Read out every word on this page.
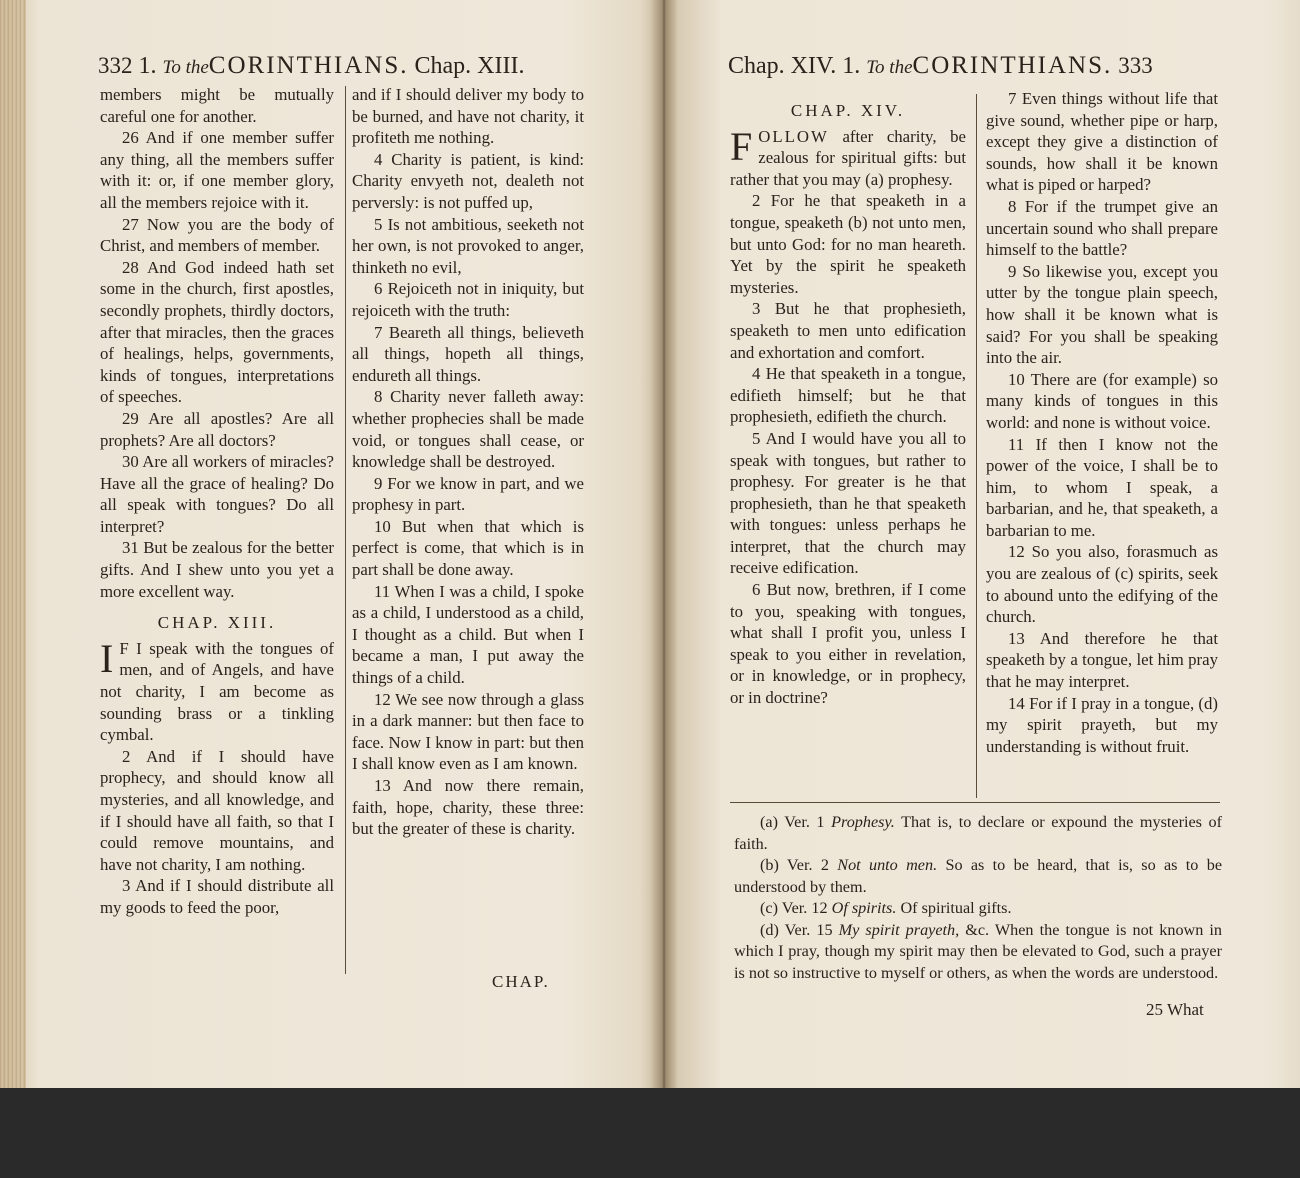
332 1. To theCORINTHIANS. Chap. XIII.

members might be mutually careful one for another.

26 And if one member suffer any thing, all the members suffer with it: or, if one member glory, all the members rejoice with it.

27 Now you are the body of Christ, and members of member.

28 And God indeed hath set some in the church, first apostles, secondly prophets, thirdly doctors, after that miracles, then the graces of healings, helps, governments, kinds of tongues, interpretations of speeches.

29 Are all apostles? Are all prophets? Are all doctors?

30 Are all workers of miracles? Have all the grace of healing? Do all speak with tongues? Do all interpret?

31 But be zealous for the better gifts. And I shew unto you yet a more excellent way.

CHAP. XIII.

I F I speak with the tongues of men, and of Angels, and have not charity, I am become as sounding brass or a tinkling cymbal.

2 And if I should have prophecy, and should know all mysteries, and all knowledge, and if I should have all faith, so that I could remove mountains, and have not charity, I am nothing.

3 And if I should distribute all my goods to feed the poor,

and if I should deliver my body to be burned, and have not charity, it profiteth me nothing.

4 Charity is patient, is kind: Charity envyeth not, dealeth not perversly: is not puffed up,

5 Is not ambitious, seeketh not her own, is not provoked to anger, thinketh no evil,

6 Rejoiceth not in iniquity, but rejoiceth with the truth:

7 Beareth all things, believeth all things, hopeth all things, endureth all things.

8 Charity never falleth away: whether prophecies shall be made void, or tongues shall cease, or knowledge shall be destroyed.

9 For we know in part, and we prophesy in part.

10 But when that which is perfect is come, that which is in part shall be done away.

11 When I was a child, I spoke as a child, I understood as a child, I thought as a child. But when I became a man, I put away the things of a child.

12 We see now through a glass in a dark manner: but then face to face. Now I know in part: but then I shall know even as I am known.

13 And now there remain, faith, hope, charity, these three: but the greater of these is charity.

CHAP.
Chap. XIV. 1. To theCORINTHIANS. 333
CHAP. XIV.

FOLLOW after charity, be zealous for spiritual gifts: but rather that you may (a) prophesy.

2 For he that speaketh in a tongue, speaketh (b) not unto men, but unto God: for no man heareth. Yet by the spirit he speaketh mysteries.

3 But he that prophesieth, speaketh to men unto edification and exhortation and comfort.

4 He that speaketh in a tongue, edifieth himself; but he that prophesieth, edifieth the church.

5 And I would have you all to speak with tongues, but rather to prophesy. For greater is he that prophesieth, than he that speaketh with tongues: unless perhaps he interpret, that the church may receive edification.

6 But now, brethren, if I come to you, speaking with tongues, what shall I profit you, unless I speak to you either in revelation, or in knowledge, or in prophecy, or in doctrine?

7 Even things without life that give sound, whether pipe or harp, except they give a distinction of sounds, how shall it be known what is piped or harped?

8 For if the trumpet give an uncertain sound who shall prepare himself to the battle?

9 So likewise you, except you utter by the tongue plain speech, how shall it be known what is said? For you shall be speaking into the air.

10 There are (for example) so many kinds of tongues in this world: and none is without voice.

11 If then I know not the power of the voice, I shall be to him, to whom I speak, a barbarian, and he, that speaketh, a barbarian to me.

12 So you also, forasmuch as you are zealous of (c) spirits, seek to abound unto the edifying of the church.

13 And therefore he that speaketh by a tongue, let him pray that he may interpret.

14 For if I pray in a tongue, (d) my spirit prayeth, but my understanding is without fruit.

(a) Ver. 1 Prophesy. That is, to declare or expound the mysteries of faith.

(b) Ver. 2 Not unto men. So as to be heard, that is, so as to be understood by them.

(c) Ver. 12 Of spirits. Of spiritual gifts.

(d) Ver. 15 My spirit prayeth, &c. When the tongue is not known in which I pray, though my spirit may then be elevated to God, such a prayer is not so instructive to myself or others, as when the words are understood.

25 What
